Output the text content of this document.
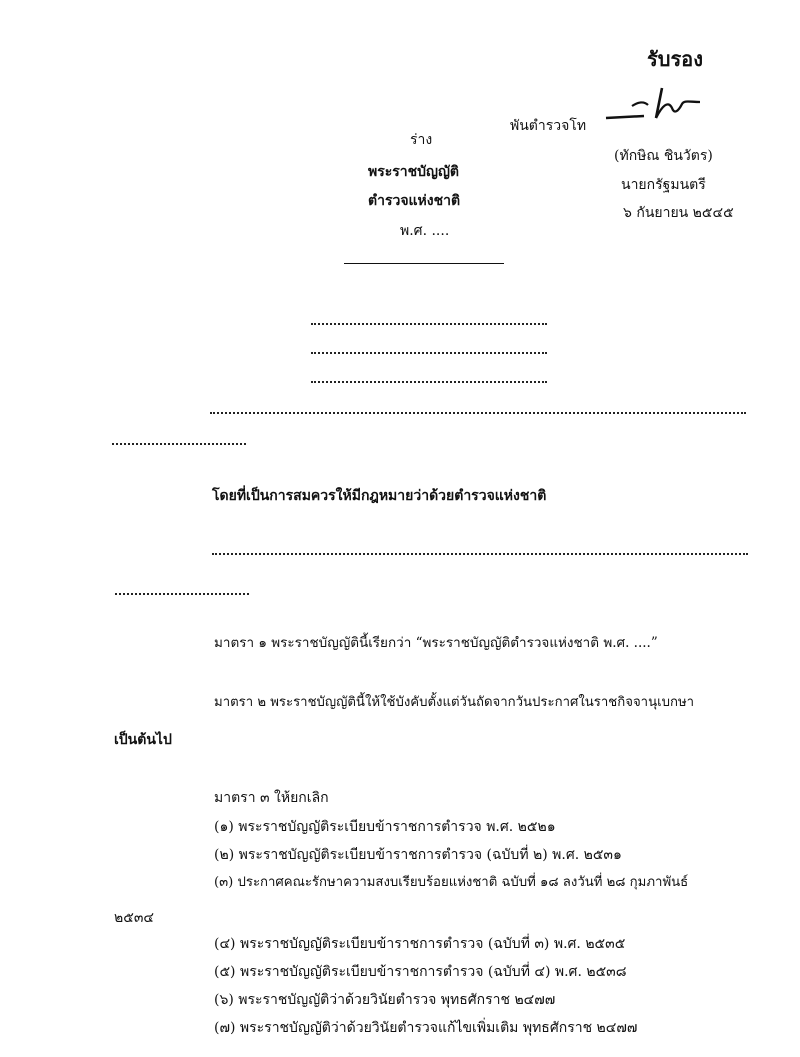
รับรอง
พันตำรวจโท
(ทักษิณ ชินวัตร)
นายกรัฐมนตรี
๖ กันยายน ๒๕๔๕
ร่าง
พระราชบัญญัติ
ตำรวจแห่งชาติ
พ.ศ. ....
โดยที่เป็นการสมควรให้มีกฎหมายว่าด้วยตำรวจแห่งชาติ
มาตรา ๑ พระราชบัญญัตินี้เรียกว่า “พระราชบัญญัติตำรวจแห่งชาติ พ.ศ. ....”
มาตรา ๒ พระราชบัญญัตินี้ให้ใช้บังคับตั้งแต่วันถัดจากวันประกาศในราชกิจจานุเบกษา
เป็นต้นไป
มาตรา ๓ ให้ยกเลิก
(๑) พระราชบัญญัติระเบียบข้าราชการตำรวจ พ.ศ. ๒๕๒๑
(๒) พระราชบัญญัติระเบียบข้าราชการตำรวจ (ฉบับที่ ๒) พ.ศ. ๒๕๓๑
(๓) ประกาศคณะรักษาความสงบเรียบร้อยแห่งชาติ ฉบับที่ ๑๘ ลงวันที่ ๒๘ กุมภาพันธ์
๒๕๓๔
(๔) พระราชบัญญัติระเบียบข้าราชการตำรวจ (ฉบับที่ ๓) พ.ศ. ๒๕๓๕
(๕) พระราชบัญญัติระเบียบข้าราชการตำรวจ (ฉบับที่ ๔) พ.ศ. ๒๕๓๘
(๖) พระราชบัญญัติว่าด้วยวินัยตำรวจ พุทธศักราช ๒๔๗๗
(๗) พระราชบัญญัติว่าด้วยวินัยตำรวจแก้ไขเพิ่มเติม พุทธศักราช ๒๔๗๗
